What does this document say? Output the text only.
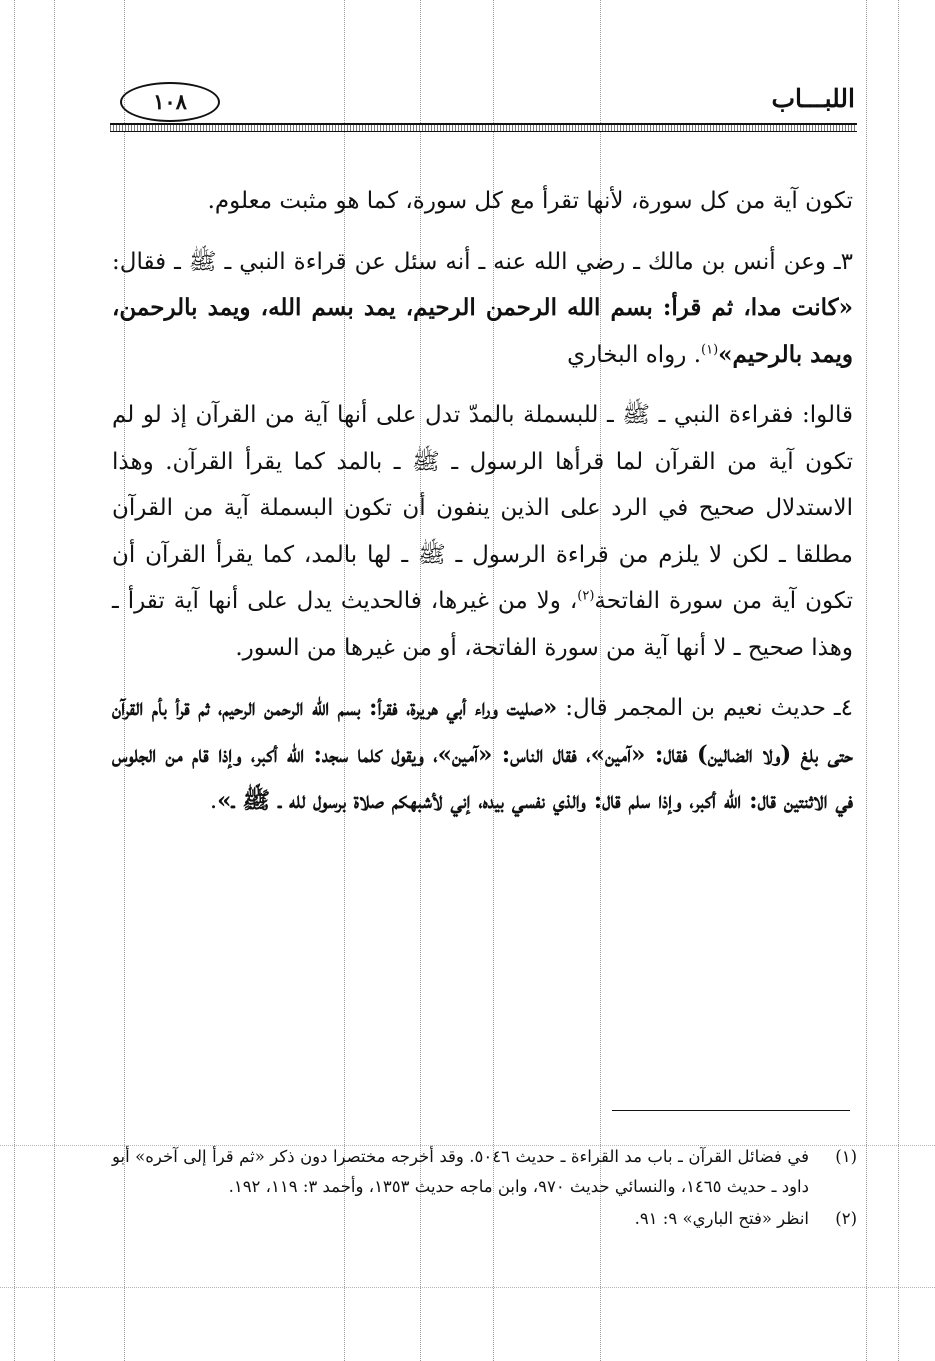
١٠٨	اللبـــاب

تكون آية من كل سورة، لأنها تقرأ مع كل سورة، كما هو مثبت معلوم.

٣ـ وعن أنس بن مالك ـ رضي الله عنه ـ أنه سئل عن قراءة النبي ـ ﷺ ـ فقال: «كانت مدا، ثم قرأ: بسم الله الرحمن الرحيم، يمد بسم الله، ويمد بالرحمن، ويمد بالرحيم»$^{(١)}$. رواه البخاري

قالوا: فقراءة النبي ـ ﷺ ـ للبسملة بالمدّ تدل على أنها آية من القرآن إذ لو لم تكون آية من القرآن لما قرأها الرسول ـ ﷺ ـ بالمد كما يقرأ القرآن. وهذا الاستدلال صحيح في الرد على الذين ينفون أن تكون البسملة آية من القرآن مطلقا ـ لكن لا يلزم من قراءة الرسول ـ ﷺ ـ لها بالمد، كما يقرأ القرآن أن تكون آية من سورة الفاتحة$^{(٢)}$، ولا من غيرها، فالحديث يدل على أنها آية تقرأ ـ وهذا صحيح ـ لا أنها آية من سورة الفاتحة، أو من غيرها من السور.

٤ـ حديث نعيم بن المجمر قال: «صليت وراء أبي هريرة، فقرأ: بسم الله الرحمن الرحيم، ثم قرأ بأم القرآن حتى بلغ (ولا الضالين) فقال: «آمين»، فقال الناس: «آمين»، ويقول كلما سجد: الله أكبر، وإذا قام من الجلوس في الاثنتين قال: الله أكبر، وإذا سلم قال: والذي نفسي بيده، إني لأشبهكم صلاة برسول لله ـ ﷺ ـ».

(١)
في فضائل القرآن ـ باب مد القراءة ـ حديث ٥٠٤٦. وقد أخرجه مختصرا دون ذكر «ثم قرأ إلى آخره» أبو داود ـ حديث ١٤٦٥، والنسائي حديث ٩٧٠، وابن ماجه حديث ١٣٥٣، وأحمد ٣: ١١٩، ١٩٢.
(٢)
انظر «فتح الباري» ٩: ٩١.
